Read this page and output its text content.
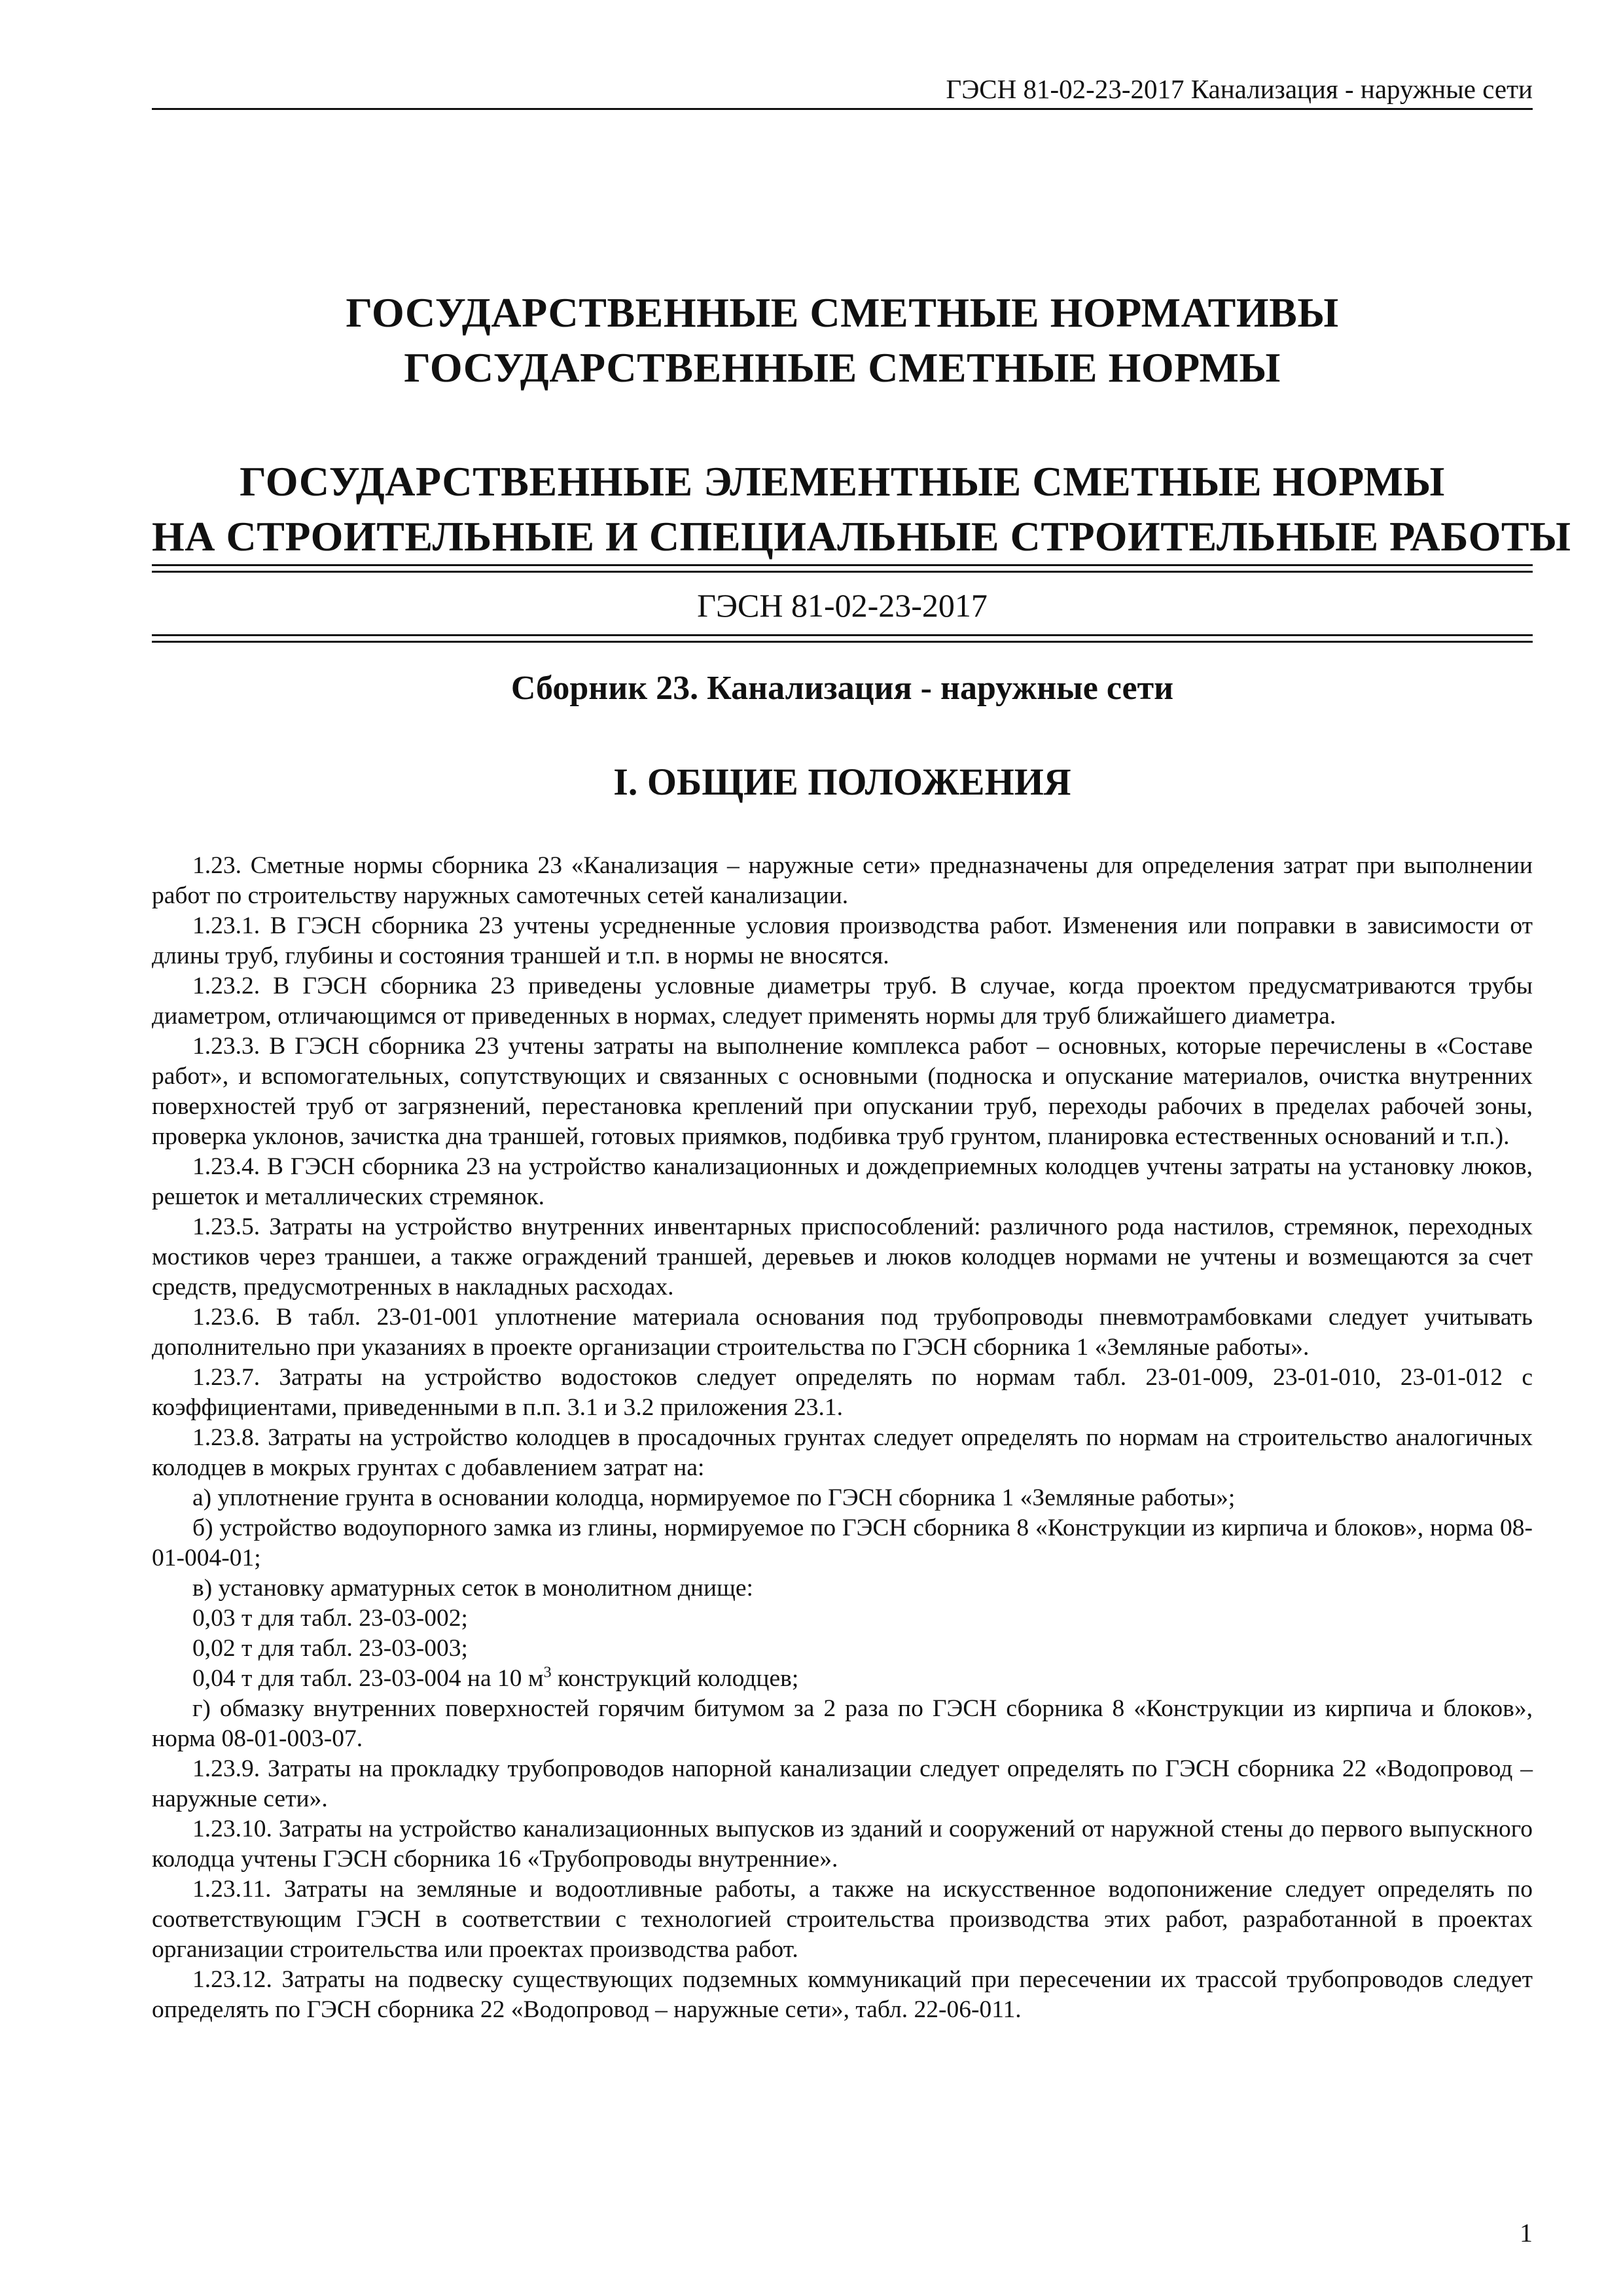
ГЭСН 81-02-23-2017 Канализация - наружные сети
ГОСУДАРСТВЕННЫЕ СМЕТНЫЕ НОРМАТИВЫ
ГОСУДАРСТВЕННЫЕ СМЕТНЫЕ НОРМЫ
ГОСУДАРСТВЕННЫЕ ЭЛЕМЕНТНЫЕ СМЕТНЫЕ НОРМЫ
НА СТРОИТЕЛЬНЫЕ И СПЕЦИАЛЬНЫЕ СТРОИТЕЛЬНЫЕ РАБОТЫ
ГЭСН 81-02-23-2017
Сборник 23. Канализация - наружные сети
I. ОБЩИЕ ПОЛОЖЕНИЯ

1.23. Сметные нормы сборника 23 «Канализация – наружные сети» предназначены для определения затрат при выполнении работ по строительству наружных самотечных сетей канализации.

1.23.1. В ГЭСН сборника 23 учтены усредненные условия производства работ. Изменения или поправки в зависимости от длины труб, глубины и состояния траншей и т.п. в нормы не вносятся.

1.23.2. В ГЭСН сборника 23 приведены условные диаметры труб. В случае, когда проектом предусматриваются трубы диаметром, отличающимся от приведенных в нормах, следует применять нормы для труб ближайшего диаметра.

1.23.3. В ГЭСН сборника 23 учтены затраты на выполнение комплекса работ – основных, которые перечислены в «Составе работ», и вспомогательных, сопутствующих и связанных с основными (подноска и опускание материалов, очистка внутренних поверхностей труб от загрязнений, перестановка креплений при опускании труб, переходы рабочих в пределах рабочей зоны, проверка уклонов, зачистка дна траншей, готовых приямков, подбивка труб грунтом, планировка естественных оснований и т.п.).

1.23.4. В ГЭСН сборника 23 на устройство канализационных и дождеприемных колодцев учтены затраты на установку люков, решеток и металлических стремянок.

1.23.5. Затраты на устройство внутренних инвентарных приспособлений: различного рода настилов, стремянок, переходных мостиков через траншеи, а также ограждений траншей, деревьев и люков колодцев нормами не учтены и возмещаются за счет средств, предусмотренных в накладных расходах.

1.23.6. В табл. 23-01-001 уплотнение материала основания под трубопроводы пневмотрамбовками следует учитывать дополнительно при указаниях в проекте организации строительства по ГЭСН сборника 1 «Земляные работы».

1.23.7. Затраты на устройство водостоков следует определять по нормам табл. 23-01-009, 23-01-010, 23-01-012 с коэффициентами, приведенными в п.п. 3.1 и 3.2 приложения 23.1.

1.23.8. Затраты на устройство колодцев в просадочных грунтах следует определять по нормам на строительство аналогичных колодцев в мокрых грунтах с добавлением затрат на:

а) уплотнение грунта в основании колодца, нормируемое по ГЭСН сборника 1 «Земляные работы»;

б) устройство водоупорного замка из глины, нормируемое по ГЭСН сборника 8 «Конструкции из кирпича и блоков», норма 08-01-004-01;

в) установку арматурных сеток в монолитном днище:

0,03 т для табл. 23-03-002;

0,02 т для табл. 23-03-003;

0,04 т для табл. 23-03-004 на 10 $м^3$ конструкций колодцев;

г) обмазку внутренних поверхностей горячим битумом за 2 раза по ГЭСН сборника 8 «Конструкции из кирпича и блоков», норма 08-01-003-07.

1.23.9. Затраты на прокладку трубопроводов напорной канализации следует определять по ГЭСН сборника 22 «Водопровод – наружные сети».

1.23.10. Затраты на устройство канализационных выпусков из зданий и сооружений от наружной стены до первого выпускного колодца учтены ГЭСН сборника 16 «Трубопроводы внутренние».

1.23.11. Затраты на земляные и водоотливные работы, а также на искусственное водопонижение следует определять по соответствующим ГЭСН в соответствии с технологией строительства производства этих работ, разработанной в проектах организации строительства или проектах производства работ.

1.23.12. Затраты на подвеску существующих подземных коммуникаций при пересечении их трассой трубопроводов следует определять по ГЭСН сборника 22 «Водопровод – наружные сети», табл. 22-06-011.

1
